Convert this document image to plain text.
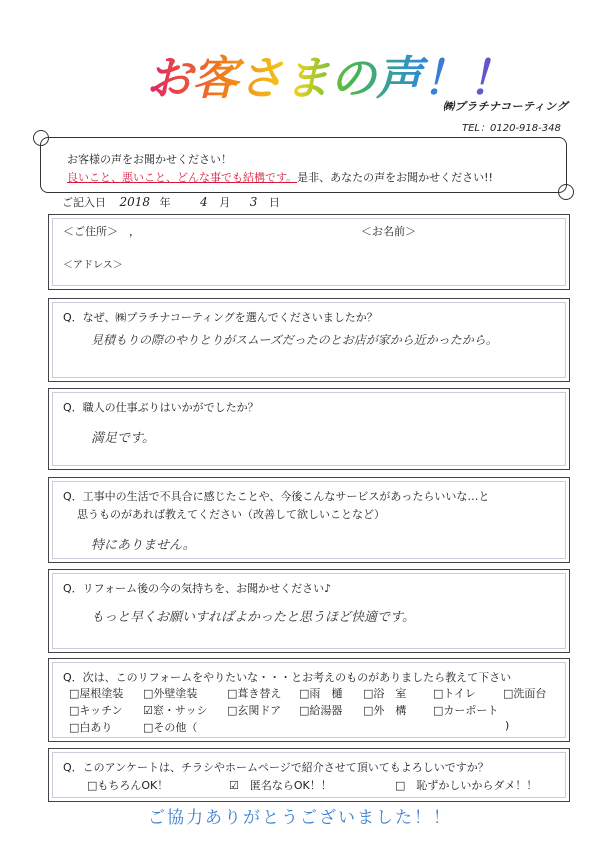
お客さまの声！！
㈱プラチナコーティング
TEL：0120-918-348
お客様の声をお聞かせください！
良いこと、悪いこと、どんな事でも結構です。是非、あなたの声をお聞かせください!!
ご記入日 2018 年 4 月 3 日
＜ご住所＞ ，	＜お名前＞
＜アドレス＞
Q．なぜ、㈱プラチナコーティングを選んでくださいましたか？
見積もりの際のやりとりがスムーズだったのとお店が家から近かったから。
Q．職人の仕事ぶりはいかがでしたか？
満足です。
Q．工事中の生活で不具合に感じたことや、今後こんなサービスがあったらいいな…と
思うものがあれば教えてください（改善して欲しいことなど）
特にありません。
Q．リフォーム後の今の気持ちを、お聞かせください♪
もっと早くお願いすればよかったと思うほど快適です。
Q．次は、このリフォームをやりたいな・・・とお考えのものがありましたら教えて下さい
□屋根塗装 □外壁塗装	□葺き替え □雨　樋 □浴　室 □トイレ □洗面台
□キッチン ☑窓・サッシ □玄関ドア □給湯器 □外　構 □カーポート
□白あり	□その他（	)
Q．このアンケートは、チラシやホームページで紹介させて頂いてもよろしいですか？
□もちろんOK！	☑　匿名ならOK！！	□　恥ずかしいからダメ！！
ご協力ありがとうございました！！
